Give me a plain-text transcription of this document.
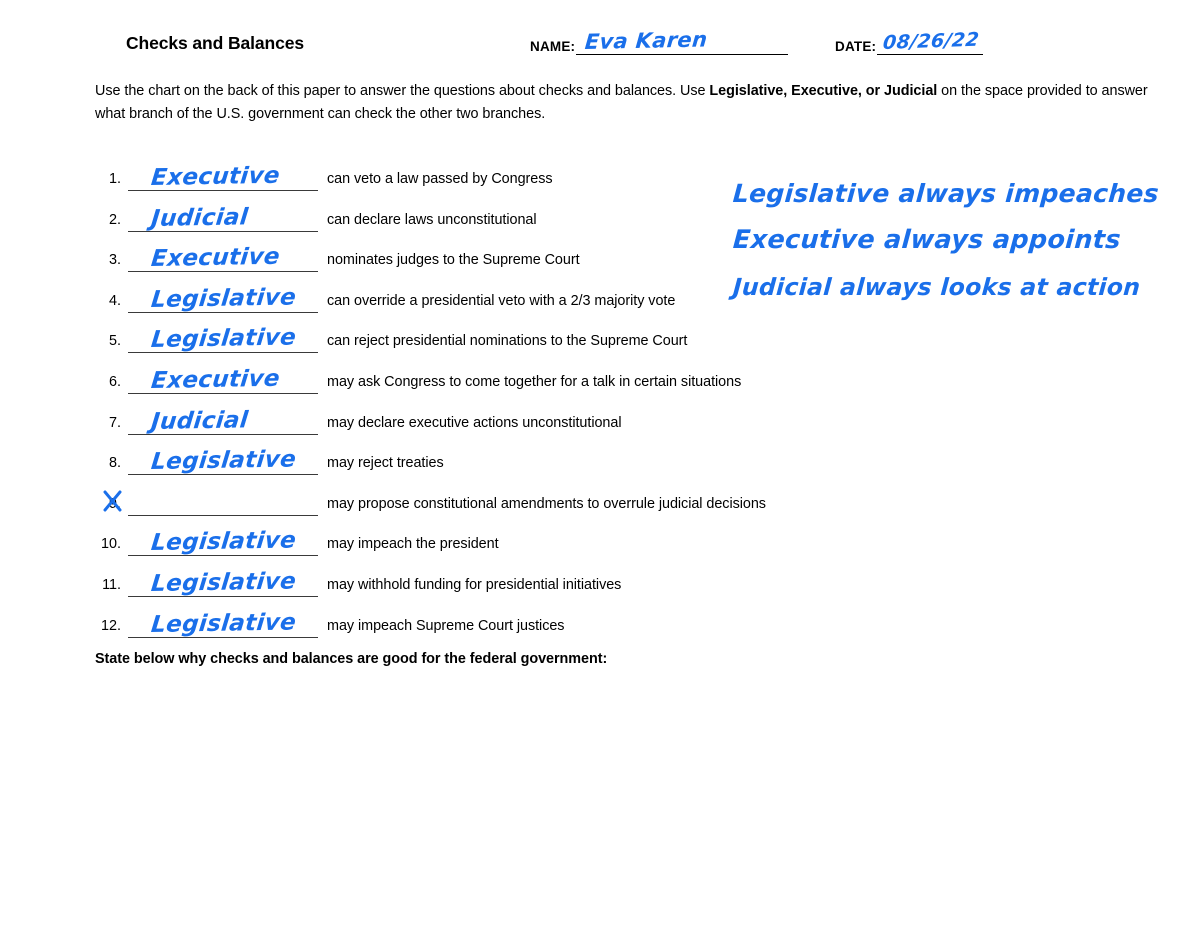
Checks and Balances	NAME: Eva Karen	DATE: 08/26/22
Use the chart on the back of this paper to answer the questions about checks and balances. Use Legislative, Executive, or Judicial on the space provided to answer what branch of the U.S. government can check the other two branches.
1. Executive	can veto a law passed by Congress
2. Judicial	can declare laws unconstitutional
3. Executive	nominates judges to the Supreme Court
4. Legislative can override a presidential veto with a 2/3 majority vote
5. Legislative can reject presidential nominations to the Supreme Court
6. Executive	may ask Congress to come together for a talk in certain situations
7. Judicial	may declare executive actions unconstitutional
8. Legislative may reject treaties
9.	may propose constitutional amendments to overrule judicial decisions
10. Legislative may impeach the president
11. Legislative may withhold funding for presidential initiatives
12. Legislative may impeach Supreme Court justices
Legislative always impeaches
Executive always appoints
Judicial always looks at action
State below why checks and balances are good for the federal government:
